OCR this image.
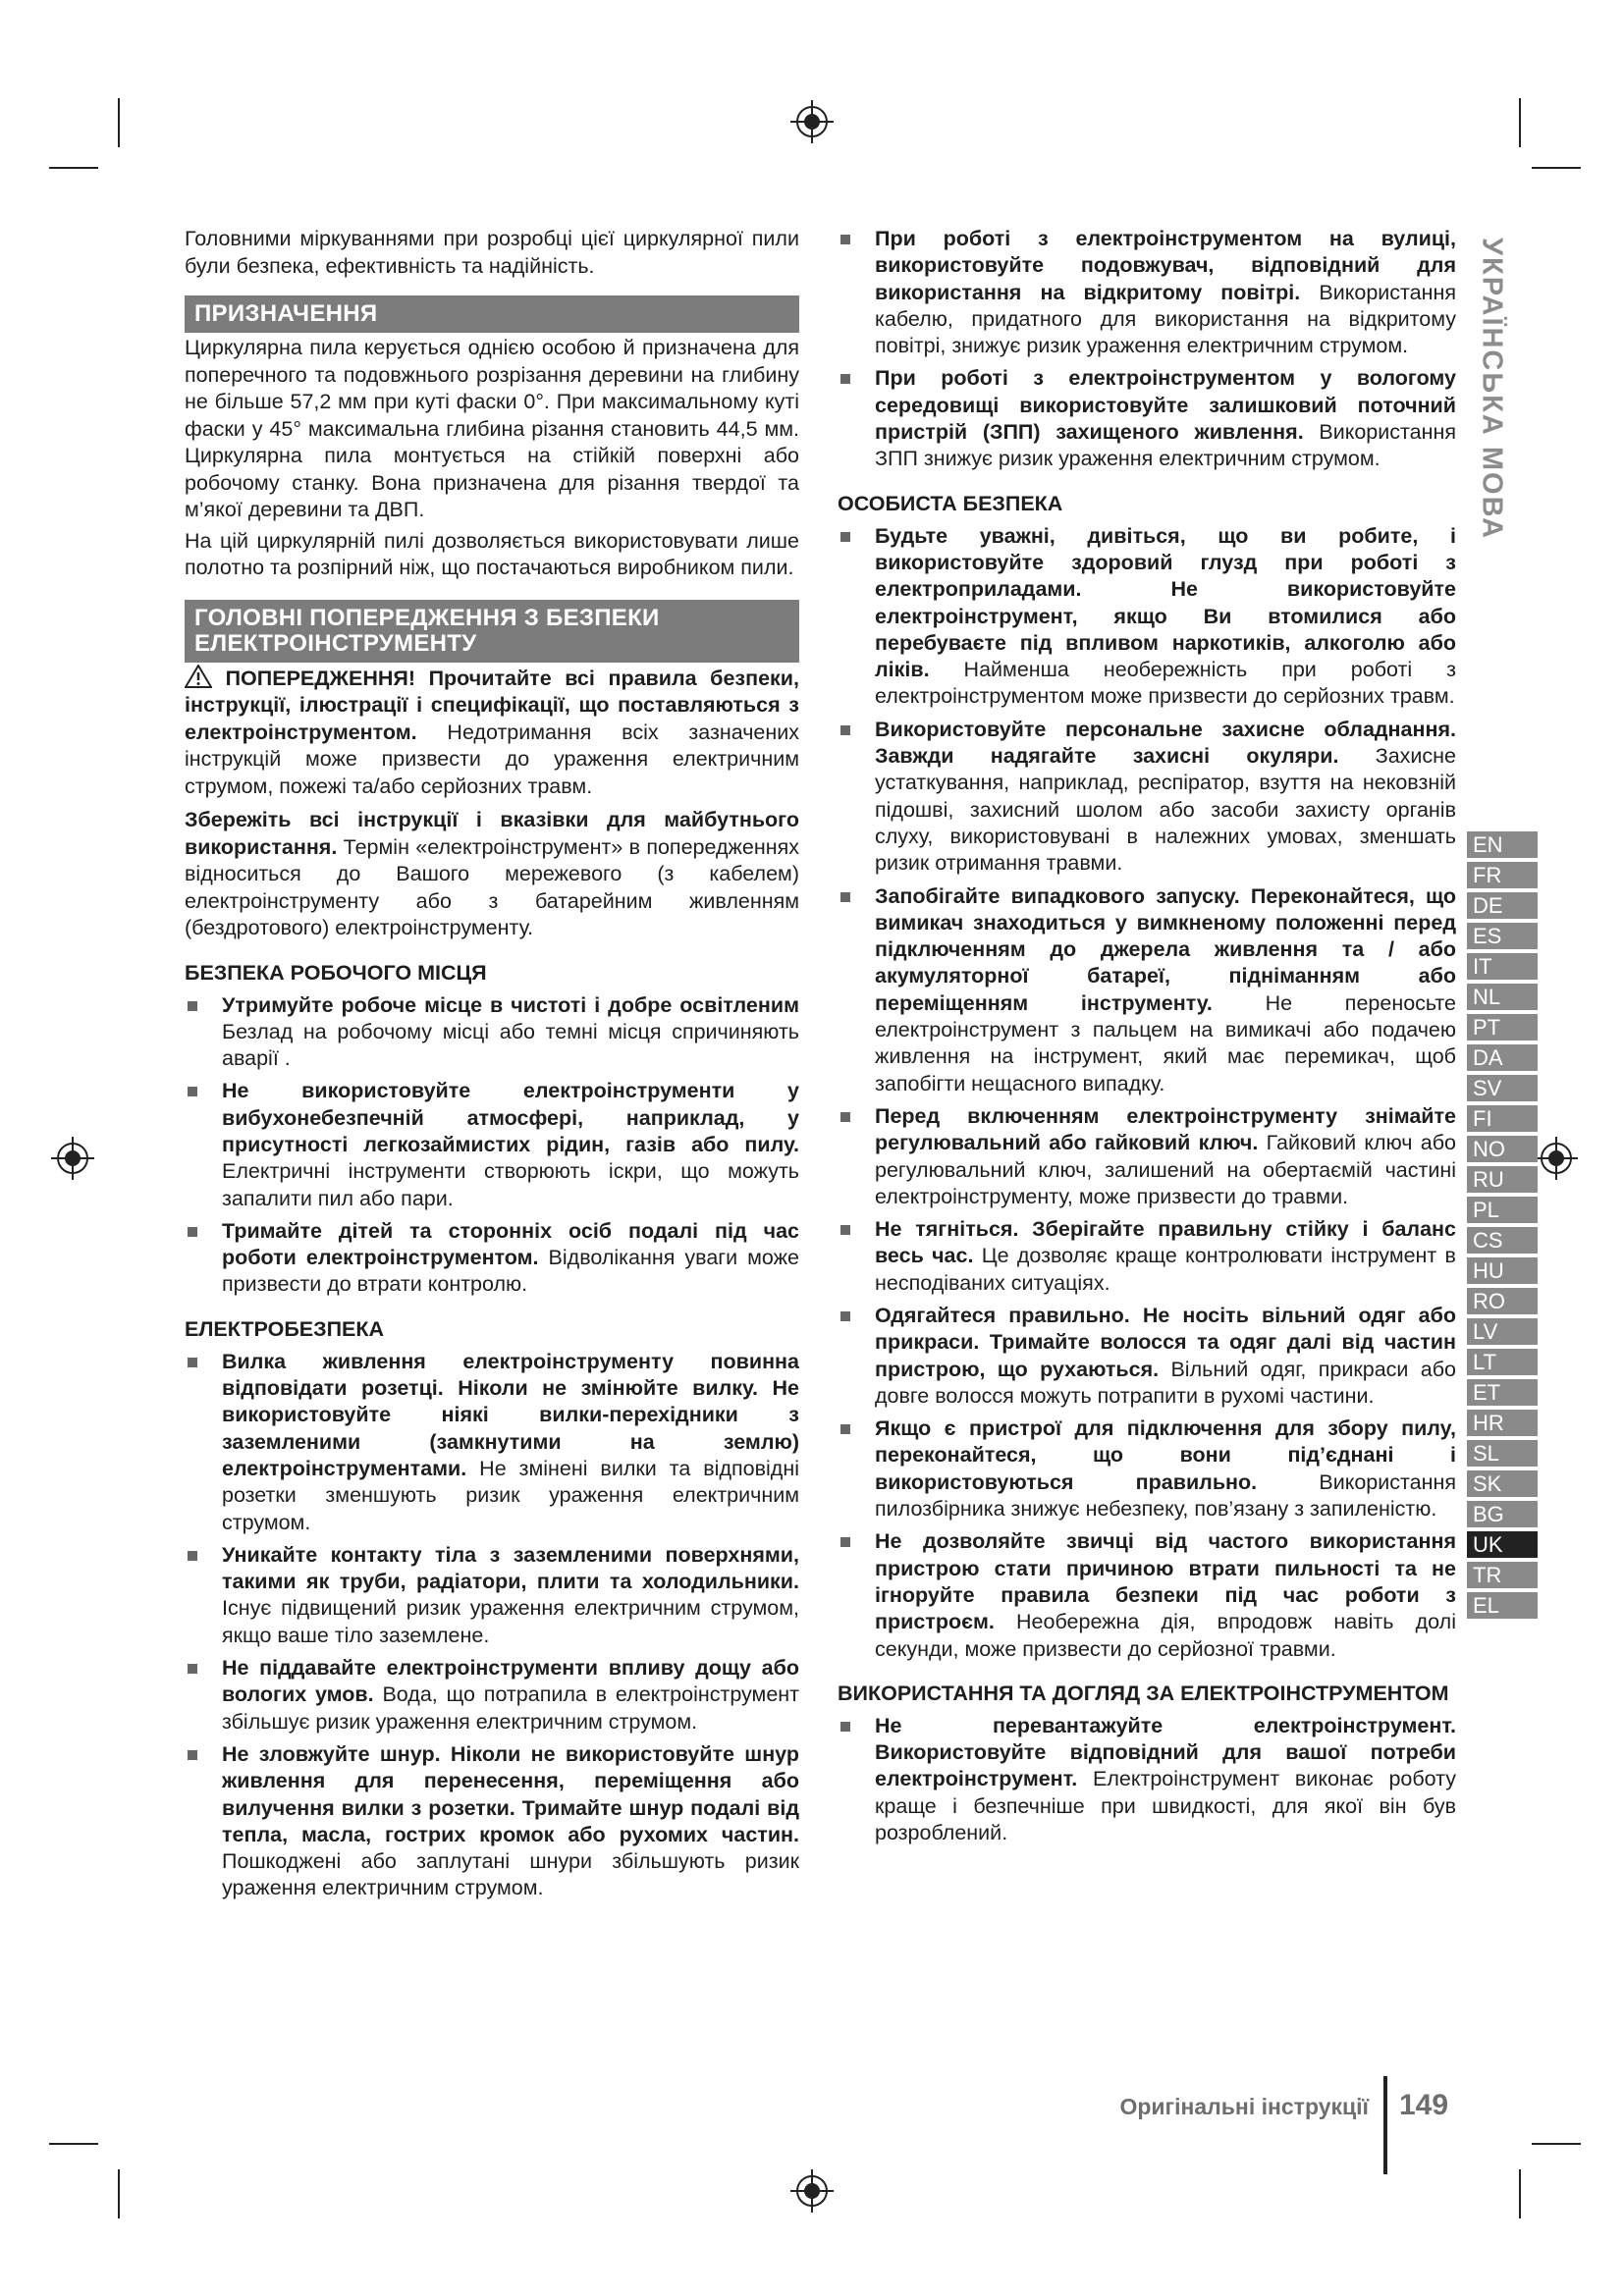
Головними міркуваннями при розробці цієї циркулярної пили були безпека, ефективність та надійність.

ПРИЗНАЧЕННЯ

Циркулярна пила керується однією особою й призначена для поперечного та подовжнього розрізання деревини на глибину не більше 57,2 мм при куті фаски 0°. При максимальному куті фаски у 45° максимальна глибина різання становить 44,5 мм. Циркулярна пила монтується на стійкій поверхні або робочому станку. Вона призначена для різання твердої та м’якої деревини та ДВП.

На цій циркулярній пилі дозволяється використовувати лише полотно та розпірний ніж, що постачаються виробником пили.

ГОЛОВНІ ПОПЕРЕДЖЕННЯ З БЕЗПЕКИ
ЕЛЕКТРОІНСТРУМЕНТУ

ПОПЕРЕДЖЕННЯ! Прочитайте всі правила безпеки, інструкції, ілюстрації і специфікації, що поставляються з електроінструментом. Недотримання всіх зазначених інструкцій може призвести до ураження електричним струмом, пожежі та/або серйозних травм.

Збережіть всі інструкції і вказівки для майбутнього використання. Термін «електроінструмент» в попередженнях відноситься до Вашого мережевого (з кабелем) електроінструменту або з батарейним живленням (бездротового) електроінструменту.

БЕЗПЕКА РОБОЧОГО МІСЦЯ

Утримуйте робоче місце в чистоті і добре освітленим Безлад на робочому місці або темні місця спричиняють аварії .
Не використовуйте електроінструменти у вибухонебезпечній атмосфері, наприклад, у присутності легкозаймистих рідин, газів або пилу. Електричні інструменти створюють іскри, що можуть запалити пил або пари.
Тримайте дітей та сторонніх осіб подалі під час роботи електроінструментом. Відволікання уваги може призвести до втрати контролю.

ЕЛЕКТРОБЕЗПЕКА

Вилка живлення електроінструменту повинна відповідати розетці. Ніколи не змінюйте вилку. Не використовуйте ніякі вилки-перехідники з заземленими (замкнутими на землю) електроінструментами. Не змінені вилки та відповідні розетки зменшують ризик ураження електричним струмом.
Уникайте контакту тіла з заземленими поверхнями, такими як труби, радіатори, плити та холодильники. Існує підвищений ризик ураження електричним струмом, якщо ваше тіло заземлене.
Не піддавайте електроінструменти впливу дощу або вологих умов. Вода, що потрапила в електроінструмент збільшує ризик ураження електричним струмом.
Не зловжуйте шнур. Ніколи не використовуйте шнур живлення для перенесення, переміщення або вилучення вилки з розетки. Тримайте шнур подалі від тепла, масла, гострих кромок або рухомих частин. Пошкоджені або заплутані шнури збільшують ризик ураження електричним струмом.
При роботі з електроінструментом на вулиці, використовуйте подовжувач, відповідний для використання на відкритому повітрі. Використання кабелю, придатного для використання на відкритому повітрі, знижує ризик ураження електричним струмом.
При роботі з електроінструментом у вологому середовищі використовуйте залишковий поточний пристрій (ЗПП) захищеного живлення. Використання ЗПП знижує ризик ураження електричним струмом.

ОСОБИСТА БЕЗПЕКА

Будьте уважні, дивіться, що ви робите, і використовуйте здоровий глузд при роботі з електроприладами. Не використовуйте електроінструмент, якщо Ви втомилися або перебуваєте під впливом наркотиків, алкоголю або ліків. Найменша необережність при роботі з електроінструментом може призвести до серйозних травм.
Використовуйте персональне захисне обладнання. Завжди надягайте захисні окуляри. Захисне устаткування, наприклад, респіратор, взуття на нековзній підошві, захисний шолом або засоби захисту органів слуху, використовувані в належних умовах, зменшать ризик отримання травми.
Запобігайте випадкового запуску. Переконайтеся, що вимикач знаходиться у вимкненому положенні перед підключенням до джерела живлення та / або акумуляторної батареї, підніманням або переміщенням інструменту. Не переносьте електроінструмент з пальцем на вимикачі або подачею живлення на інструмент, який має перемикач, щоб запобігти нещасного випадку.
Перед включенням електроінструменту знімайте регулювальний або гайковий ключ. Гайковий ключ або регулювальний ключ, залишений на обертаємій частині електроінструменту, може призвести до травми.
Не тягніться. Зберігайте правильну стійку і баланс весь час. Це дозволяє краще контролювати інструмент в несподіваних ситуаціях.
Одягайтеся правильно. Не носіть вільний одяг або прикраси. Тримайте волосся та одяг далі від частин пристрою, що рухаються. Вільний одяг, прикраси або довге волосся можуть потрапити в рухомі частини.
Якщо є пристрої для підключення для збору пилу, переконайтеся, що вони під’єднані і використовуються правильно. Використання пилозбірника знижує небезпеку, пов’язану з запиленістю.
Не дозволяйте звичці від частого використання пристрою стати причиною втрати пильності та не ігноруйте правила безпеки під час роботи з пристроєм. Необережна дія, впродовж навіть долі секунди, може призвести до серйозної травми.

ВИКОРИСТАННЯ ТА ДОГЛЯД ЗА ЕЛЕКТРОІНСТРУМЕНТОМ

Не перевантажуйте електроінструмент. Використовуйте відповідний для вашої потреби електроінструмент. Електроінструмент виконає роботу краще і безпечніше при швидкості, для якої він був розроблений.
УКРАЇНСЬКА МОВА
EN
FR
DE
ES
IT
NL
PT
DA
SV
FI
NO
RU
PL
CS
HU
RO
LV
LT
ET
HR
SL
SK
BG
UK
TR
EL
Оригінальні інструкції 149
